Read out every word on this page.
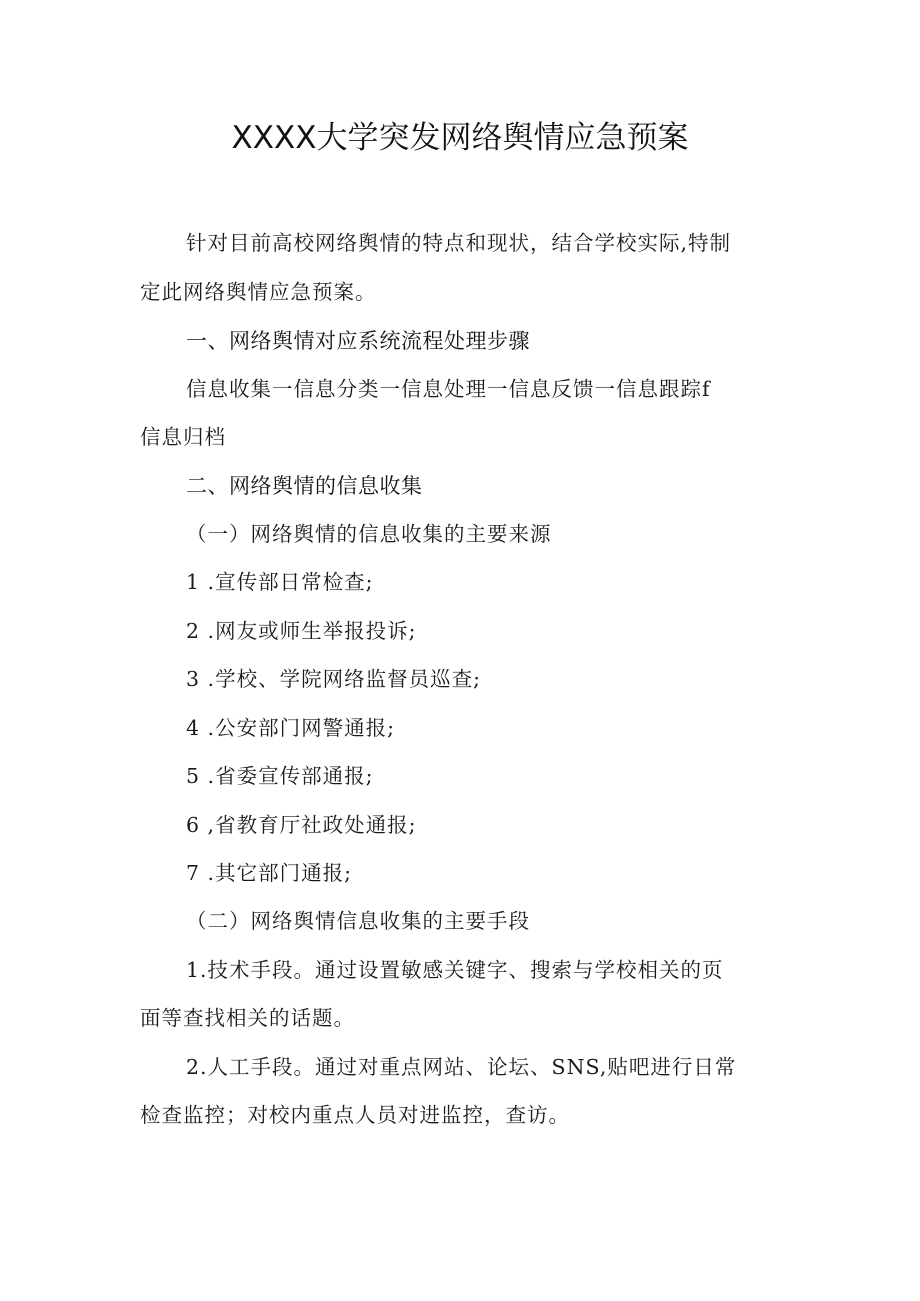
XXXX大学突发网络舆情应急预案
针对目前高校网络舆情的特点和现状，结合学校实际,特制
定此网络舆情应急预案。
一、网络舆情对应系统流程处理步骤
信息收集一信息分类一信息处理一信息反馈一信息跟踪f
信息归档
二、网络舆情的信息收集
（一）网络舆情的信息收集的主要来源
1 .宣传部日常检查;
2 .网友或师生举报投诉;
3 .学校、学院网络监督员巡查;
4 .公安部门网警通报;
5 .省委宣传部通报;
6 ,省教育厅社政处通报;
7 .其它部门通报;
（二）网络舆情信息收集的主要手段
1.技术手段。通过设置敏感关键字、搜索与学校相关的页
面等查找相关的话题。
2.人工手段。通过对重点网站、论坛、SNS,贴吧进行日常
检查监控；对校内重点人员对进监控，查访。
